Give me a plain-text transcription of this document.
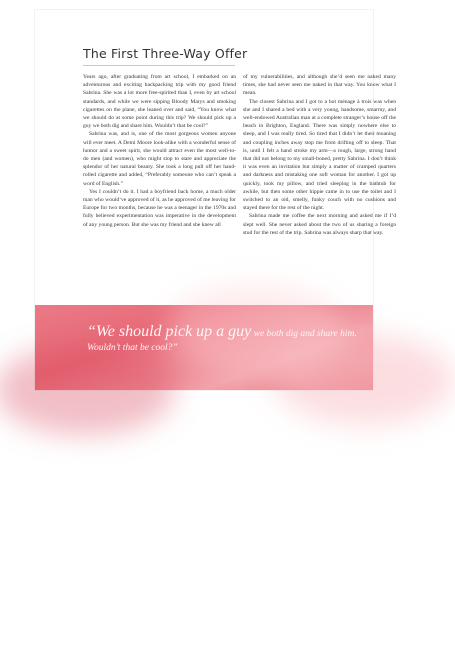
The First Three-Way Offer

Years ago, after graduating from art school, I embarked on an adventurous and exciting backpacking trip with my good friend Sabrina. She was a lot more free-spirited than I, even by art school standards, and while we were sipping Bloody Marys and smoking cigarettes on the plane, she leaned over and said, “You know what we should do at some point during this trip? We should pick up a guy we both dig and share him. Wouldn’t that be cool?”

Sabrina was, and is, one of the most gorgeous women anyone will ever meet. A Demi Moore look-alike with a wonderful sense of humor and a sweet spirit, she would attract even the most well-to-do men (and women), who might stop to stare and appreciate the splendor of her natural beauty. She took a long pull off her hand-rolled cigarette and added, “Preferably someone who can’t speak a word of English.”

Yes I couldn’t do it. I had a boyfriend back home, a much older man who would’ve approved of it, as he approved of me leaving for Europe for two months, because he was a teenager in the 1970s and fully believed experimentation was imperative in the development of any young person. But she was my friend and she knew all

of my vulnerabilities, and although she’d seen me naked many times, she had never seen me naked in that way. You know what I mean.

The closest Sabrina and I got to a hot ménage à trois was when she and I shared a bed with a very young, handsome, smarmy, and well-endowed Australian man at a complete stranger’s house off the beach in Brighton, England. There was simply nowhere else to sleep, and I was really tired. So tired that I didn’t let their moaning and coupling inches away stop me from drifting off to sleep. That is, until I felt a hand stroke my arm—a rough, large, strong hand that did not belong to my small-boned, pretty Sabrina. I don’t think it was even an invitation but simply a matter of cramped quarters and darkness and mistaking one soft woman for another. I got up quickly, took my pillow, and tried sleeping in the bathtub for awhile, but then some other hippie came in to use the toilet and I switched to an old, smelly, funky couch with no cushions and stayed there for the rest of the night.

Sabrina made me coffee the next morning and asked me if I’d slept well. She never asked about the two of us sharing a foreign stud for the rest of the trip. Sabrina was always sharp that way.

“We should pick up a guy we both dig and share him. Wouldn’t that be cool?”
10 Threesomes
